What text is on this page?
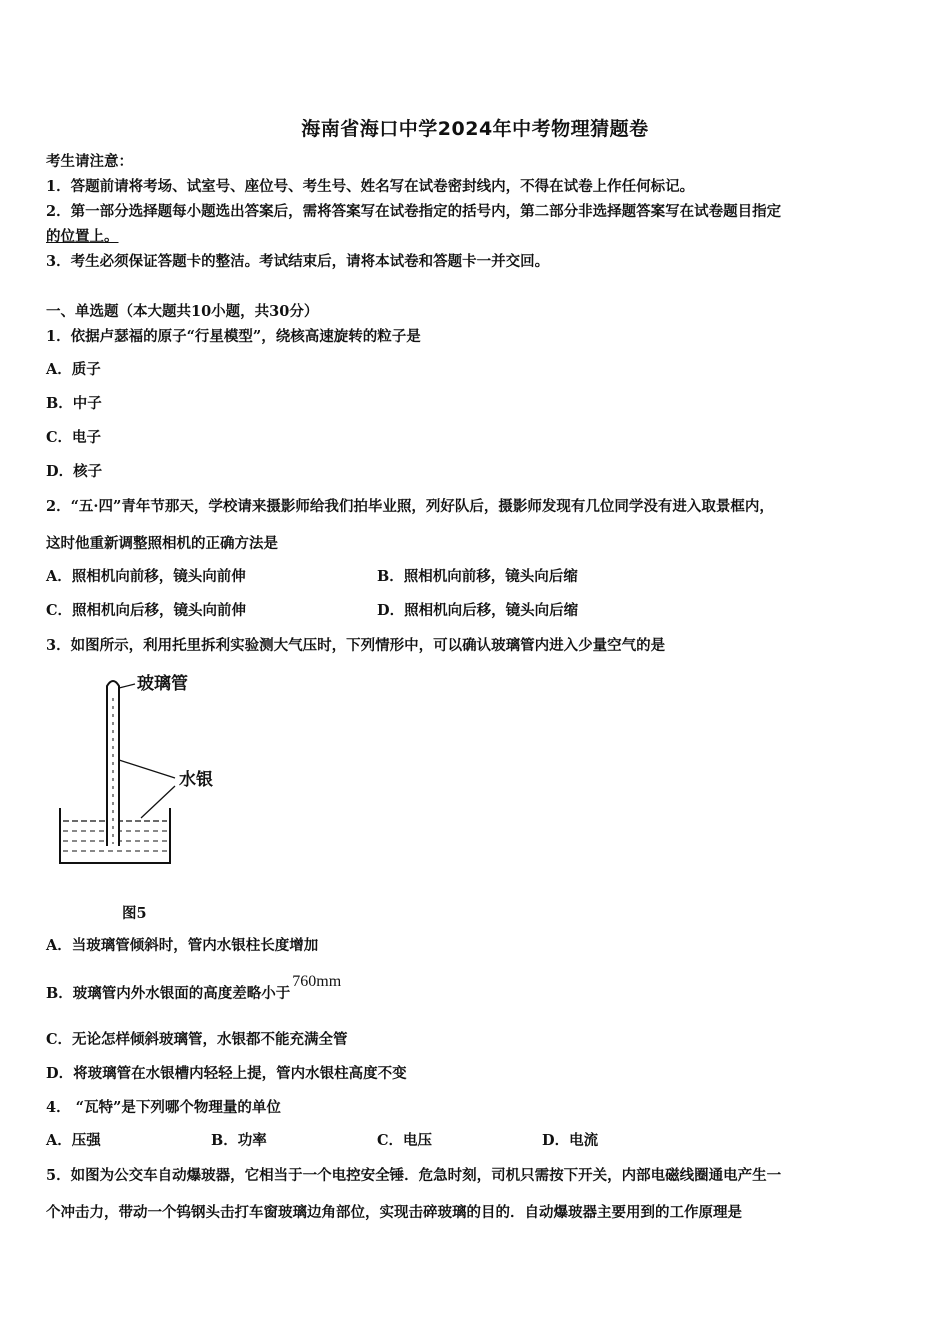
海南省海口中学2024年中考物理猜题卷
考生请注意：
1．答题前请将考场、试室号、座位号、考生号、姓名写在试卷密封线内，不得在试卷上作任何标记。
2．第一部分选择题每小题选出答案后，需将答案写在试卷指定的括号内，第二部分非选择题答案写在试卷题目指定
的位置上。
3．考生必须保证答题卡的整洁。考试结束后，请将本试卷和答题卡一并交回。
一、单选题（本大题共10小题，共30分）
1．依据卢瑟福的原子“行星模型”，绕核高速旋转的粒子是
A．质子
B．中子
C．电子
D．核子
2．“五·四”青年节那天，学校请来摄影师给我们拍毕业照，列好队后，摄影师发现有几位同学没有进入取景框内，
这时他重新调整照相机的正确方法是
A．照相机向前移，镜头向前伸	B．照相机向前移，镜头向后缩
C．照相机向后移，镜头向前伸	D．照相机向后移，镜头向后缩
3．如图所示，利用托里拆利实验测大气压时，下列情形中，可以确认玻璃管内进入少量空气的是
玻璃管
水银
图5
A．当玻璃管倾斜时，管内水银柱长度增加
B．玻璃管内外水银面的高度差略小于760mm
C．无论怎样倾斜玻璃管，水银都不能充满全管
D．将玻璃管在水银槽内轻轻上提，管内水银柱高度不变
4． “瓦特”是下列哪个物理量的单位
A．压强	B．功率	C．电压	D．电流
5．如图为公交车自动爆玻器，它相当于一个电控安全锤．危急时刻，司机只需按下开关，内部电磁线圈通电产生一
个冲击力，带动一个钨钢头击打车窗玻璃边角部位，实现击碎玻璃的目的．自动爆玻器主要用到的工作原理是
